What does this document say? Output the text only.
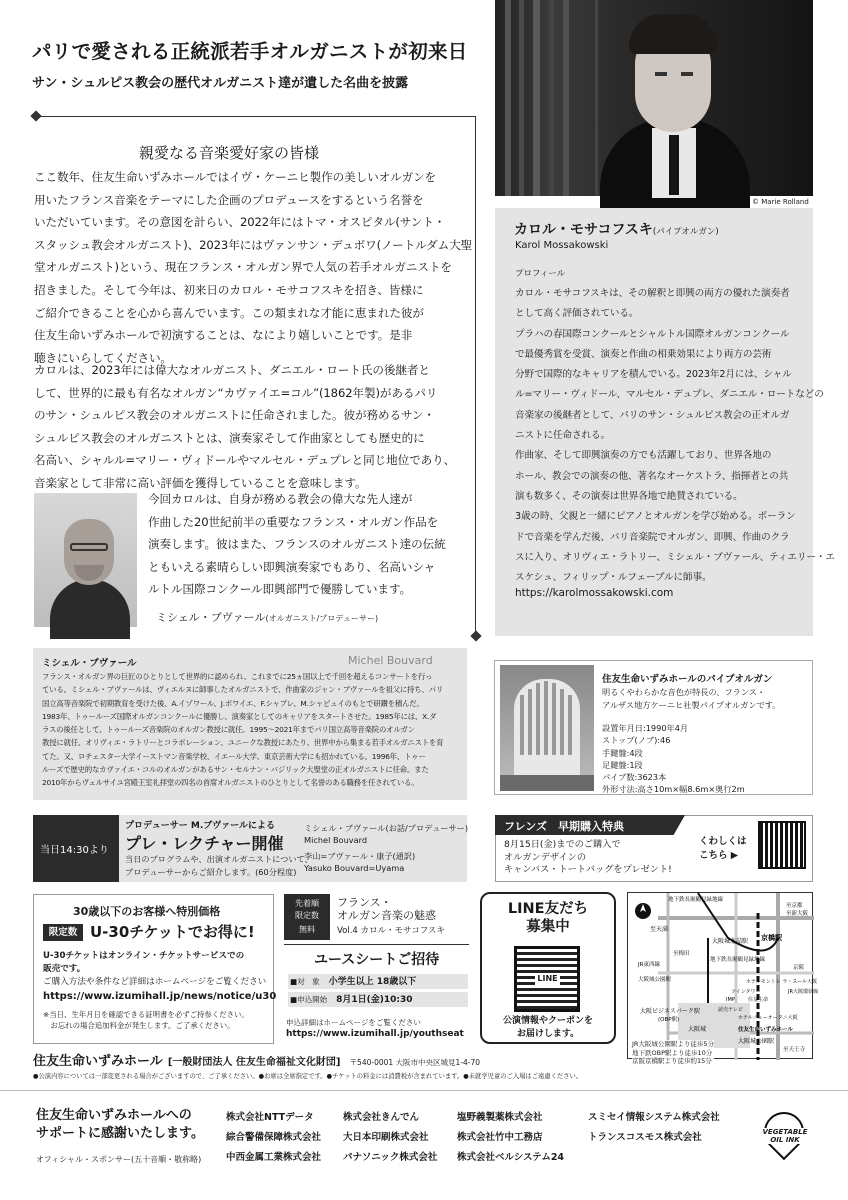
パリで愛される正統派若手オルガニストが初来日
サン・シュルピス教会の歴代オルガニスト達が遺した名曲を披露
© Marie Rolland
親愛なる音楽愛好家の皆様
ここ数年、住友生命いずみホールではイヴ・ケーニヒ製作の美しいオルガンを
用いたフランス音楽をテーマにした企画のプロデュースをするという名誉を
いただいています。その意図を計らい、2022年にはトマ・オスピタル(サント・
スタッシュ教会オルガニスト)、2023年にはヴァンサン・デュボワ(ノートルダム大聖
堂オルガニスト)という、現在フランス・オルガン界で人気の若手オルガニストを
招きました。そして今年は、初来日のカロル・モサコフスキを招き、皆様に
ご紹介できることを心から喜んでいます。この類まれな才能に恵まれた彼が
住友生命いずみホールで初演することは、なにより嬉しいことです。是非
聴きにいらしてください。
カロルは、2023年には偉大なオルガニスト、ダニエル・ロート氏の後継者と
して、世界的に最も有名なオルガン“カヴァイエ=コル”(1862年製)があるパリ
のサン・シュルピス教会のオルガニストに任命されました。彼が務めるサン・
シュルピス教会のオルガニストとは、演奏家そして作曲家としても歴史的に
名高い、シャルル=マリー・ヴィドールやマルセル・デュプレと同じ地位であり、
音楽家として非常に高い評価を獲得していることを意味します。
今回カロルは、自身が務める教会の偉大な先人達が
作曲した20世紀前半の重要なフランス・オルガン作品を
演奏します。彼はまた、フランスのオルガニスト達の伝統
ともいえる素晴らしい即興演奏家でもあり、名高いシャ
ルトル国際コンクール即興部門で優勝しています。
ミシェル・ブヴァール(オルガニスト/プロデューサー)
カロル・モサコフスキ(パイプオルガン)
Karol Mossakowski
プロフィール
カロル・モサコフスキは、その解釈と即興の両方の優れた演奏者
として高く評価されている。
プラハの春国際コンクールとシャルトル国際オルガンコンクール
で最優秀賞を受賞、演奏と作曲の相乗効果により両方の芸術
分野で国際的なキャリアを積んでいる。2023年2月には、シャル
ル=マリー・ヴィドール、マルセル・デュプレ、ダニエル・ロートなどの
音楽家の後継者として、パリのサン・シュルピス教会の正オルガ
ニストに任命される。
作曲家、そして即興演奏の方でも活躍しており、世界各地の
ホール、教会での演奏の他、著名なオーケストラ、指揮者との共
演も数多く、その演奏は世界各地で絶賛されている。
3歳の時、父親と一緒にピアノとオルガンを学び始める。ポーラン
ドで音楽を学んだ後、パリ音楽院でオルガン、即興、作曲のクラ
スに入り、オリヴィエ・ラトリー、ミシェル・ブヴァール、ティエリー・エ
スケシュ、フィリップ・ルフェーブルに師事。
https://karolmossakowski.com
ミシェル・ブヴァール	Michel Bouvard
フランス・オルガン界の巨匠のひとりとして世界的に認められ、これまでに25ヵ国以上で千回を超えるコンサートを行っ
ている。ミシェル・ブヴァールは、ヴィエルヌに師事したオルガニストで、作曲家のジャン・ブヴァールを祖父に持ち、パリ
国立高等音楽院で初期教育を受けた後、A.イゾワール、J.ボワイエ、F.シャプレ、M.シャピュイのもとで研鑽を積んだ。
1983年、トゥールーズ国際オルガンコンクールに優勝し、演奏家としてのキャリアをスタートさせた。1985年には、X.ダ
ラスの後任として、トゥールーズ音楽院のオルガン教授に就任。1995〜2021年までパリ国立高等音楽院のオルガン
教授に就任、オリヴィエ・ラトリーとコラボレーション、ユニークな教授にあたり、世界中から集まる若手オルガニストを育
てた。又、ロチェスター大学イーストマン音楽学校、イエール大学、東京芸術大学にも招かれている。1996年、トゥー
ルーズで歴史的なカヴァイエ・コルのオルガンがあるサン・セルナン・バジリック大聖堂の正オルガニストに任命。また
2010年からヴェルサイユ宮殿王室礼拝堂の四名の首席オルガニストのひとりとして名誉のある職務を任されている。
住友生命いずみホールのパイプオルガン
明るくやわらかな音色が特長の、フランス・
アルザス地方ケーニヒ社製パイプオルガンです。
設置年月日:1990年4月
ストップ(ノブ):46
手鍵盤:4段
足鍵盤:1段
パイプ数:3623本
外形寸法:高さ10m×幅8.6m×奥行2m
当日14:30より
プロデューサー M.ブヴァールによる
プレ・レクチャー開催
当日のプログラムや、出演オルガニストについて、
プロデューサーからご紹介します。(60分程度)
ミシェル・ブヴァール(お話/プロデューサー)
Michel Bouvard
李山=ブヴァール・康子(通訳)
Yasuko Bouvard=Uyama
フレンズ　早期購入特典
8月15日(金)までのご購入で
オルガンデザインの
キャンバス・トートバッグをプレゼント!
くわしくは
こちら ▶
30歳以下のお客様へ特別価格
限定数 U-30チケットでお得に!
U-30チケットはオンライン・チケットサービスでの
販売です。
ご購入方法や条件など詳細はホームページをご覧ください
https://www.izumihall.jp/news/notice/u30
※当日、生年月日を確認できる証明書を必ずご持参ください。
　お忘れの場合追加料金が発生します。ご了承ください。
先着順
限定数
無料
フランス・
オルガン音楽の魅惑
Vol.4 カロル・モサコフスキ
ユースシートご招待
■対　象　 小学生以上 18歳以下
■申込開始　 8月1日(金)10:30
申込詳細はホームページをご覧ください
https://www.izumihall.jp/youthseat
LINE友だち
募集中
LINE
公演情報やクーポンを
お届けします。
至天満
地下鉄長堀鶴見緑地線
大阪城北詰駅 京橋駅
至京都
至新大阪
至梅田
JR東西線
地下鉄長堀鶴見緑地線
大阪城公園駅
京阪
ホテルモントレ ラ・スール大阪
ツインタワー
IMP	住友生命
大阪ビジネスパーク駅
(OBP駅)
読売テレビ
ホテルニューオータニ大阪
大阪城	住友生命いずみホール
大阪城公園駅
至天王寺
JR大阪環状線
JR大阪城公園駅より徒歩5分
地下鉄OBP駅より徒歩10分
京阪京橋駅より徒歩約15分
住友生命いずみホール [一般財団法人 住友生命福祉文化財団] 〒540-0001 大阪市中央区城見1-4-70
●公演内容については一部変更される場合がございますので、ご了承ください。●お席は全席指定です。●チケットの料金には消費税が含まれています。●未就学児童のご入場はご遠慮ください。
住友生命いずみホールへの
サポートに感謝いたします。
オフィシャル・スポンサー(五十音順・敬称略)
株式会社NTTデータ	株式会社きんでん	塩野義製薬株式会社	スミセイ情報システム株式会社
綜合警備保障株式会社 大日本印刷株式会社	株式会社竹中工務店	トランスコスモス株式会社
中西金属工業株式会社 パナソニック株式会社 株式会社ベルシステム24
VEGETABLE
OIL INK
